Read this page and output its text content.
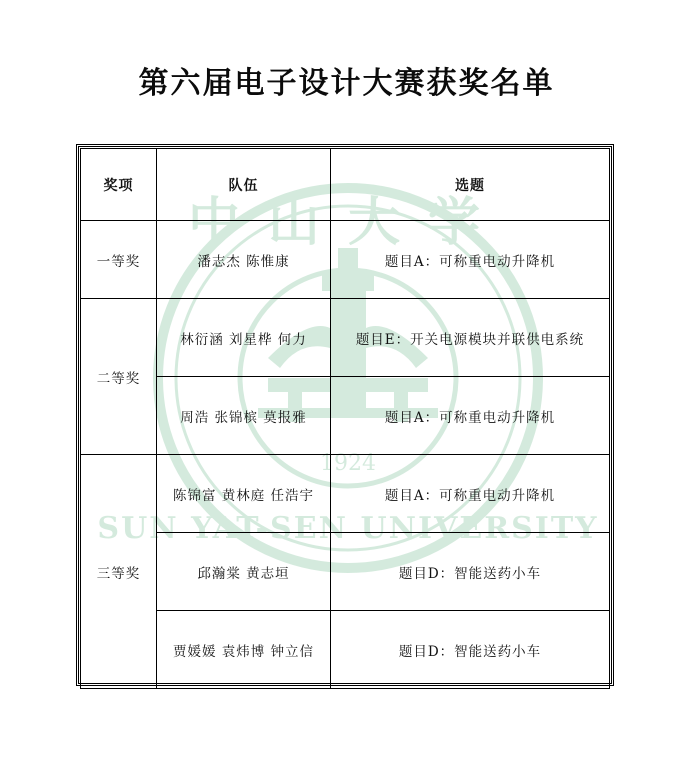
第六届电子设计大赛获奖名单
1924
中山大学
SUN YAT-SEN UNIVERSITY
奖项	队伍	选题
一等奖	潘志杰 陈惟康	题目A：可称重电动升降机
二等奖	林衍涵 刘星桦 何力	题目E：开关电源模块并联供电系统
	周浩 张锦槟 莫报雅	题目A：可称重电动升降机
三等奖	陈锦富 黄林庭 任浩宇	题目A：可称重电动升降机
	邱瀚棠 黄志垣	题目D：智能送药小车
	贾媛媛 袁炜博 钟立信	题目D：智能送药小车
